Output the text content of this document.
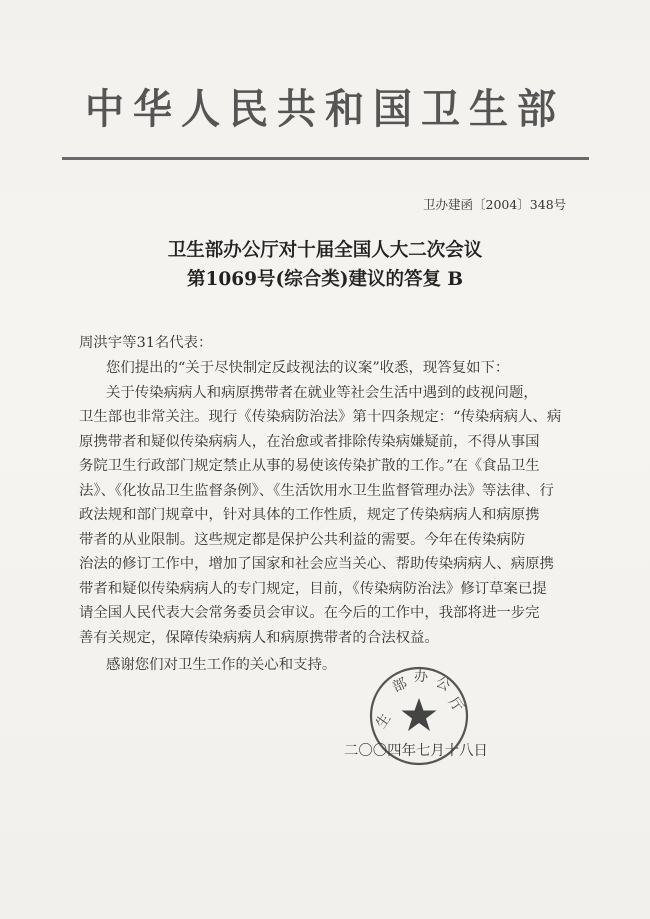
中华人民共和国卫生部
卫办建函〔2004〕348号
卫生部办公厅对十届全国人大二次会议
第1069号(综合类)建议的答复 B
周洪宇等31名代表：
您们提出的“关于尽快制定反歧视法的议案”收悉，现答复如下：
关于传染病病人和病原携带者在就业等社会生活中遇到的歧视问题，
卫生部也非常关注。现行《传染病防治法》第十四条规定：“传染病病人、病
原携带者和疑似传染病病人，在治愈或者排除传染病嫌疑前，不得从事国
务院卫生行政部门规定禁止从事的易使该传染扩散的工作。”在《食品卫生
法》、《化妆品卫生监督条例》、《生活饮用水卫生监督管理办法》等法律、行
政法规和部门规章中，针对具体的工作性质，规定了传染病病人和病原携
带者的从业限制。这些规定都是保护公共利益的需要。今年在传染病防
治法的修订工作中，增加了国家和社会应当关心、帮助传染病病人、病原携
带者和疑似传染病病人的专门规定，目前，《传染病防治法》修订草案已提
请全国人民代表大会常务委员会审议。在今后的工作中，我部将进一步完
善有关规定，保障传染病病人和病原携带者的合法权益。
感谢您们对卫生工作的关心和支持。
生
部 办 公
厅
二〇〇四年七月十八日
